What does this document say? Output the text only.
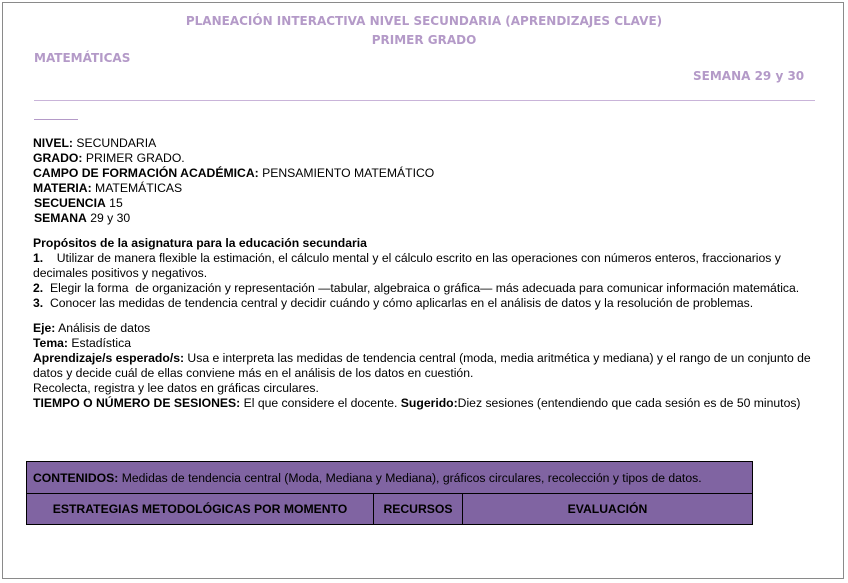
PLANEACIÓN INTERACTIVA NIVEL SECUNDARIA (APRENDIZAJES CLAVE)
PRIMER GRADO
MATEMÁTICAS
SEMANA 29 y 30

NIVEL: SECUNDARIA

GRADO: PRIMER GRADO.

CAMPO DE FORMACIÓN ACADÉMICA: PENSAMIENTO MATEMÁTICO

MATERIA: MATEMÁTICAS

SECUENCIA 15

SEMANA 29 y 30

Propósitos de la asignatura para la educación secundaria

1.    Utilizar de manera flexible la estimación, el cálculo mental y el cálculo escrito en las operaciones con números enteros, fraccionarios y decimales positivos y negativos.

2.  Elegir la forma  de organización y representación —tabular, algebraica o gráfica— más adecuada para comunicar información matemática.

3.  Conocer las medidas de tendencia central y decidir cuándo y cómo aplicarlas en el análisis de datos y la resolución de problemas.

Eje: Análisis de datos

Tema: Estadística

Aprendizaje/s esperado/s: Usa e interpreta las medidas de tendencia central (moda, media aritmética y mediana) y el rango de un conjunto de datos y decide cuál de ellas conviene más en el análisis de los datos en cuestión.

Recolecta, registra y lee datos en gráficas circulares.

TIEMPO O NÚMERO DE SESIONES: El que considere el docente. Sugerido:Diez sesiones (entendiendo que cada sesión es de 50 minutos)

CONTENIDOS: Medidas de tendencia central (Moda, Mediana y Mediana), gráficos circulares, recolección y tipos de datos.
ESTRATEGIAS METODOLÓGICAS POR MOMENTO	RECURSOS	EVALUACIÓN
